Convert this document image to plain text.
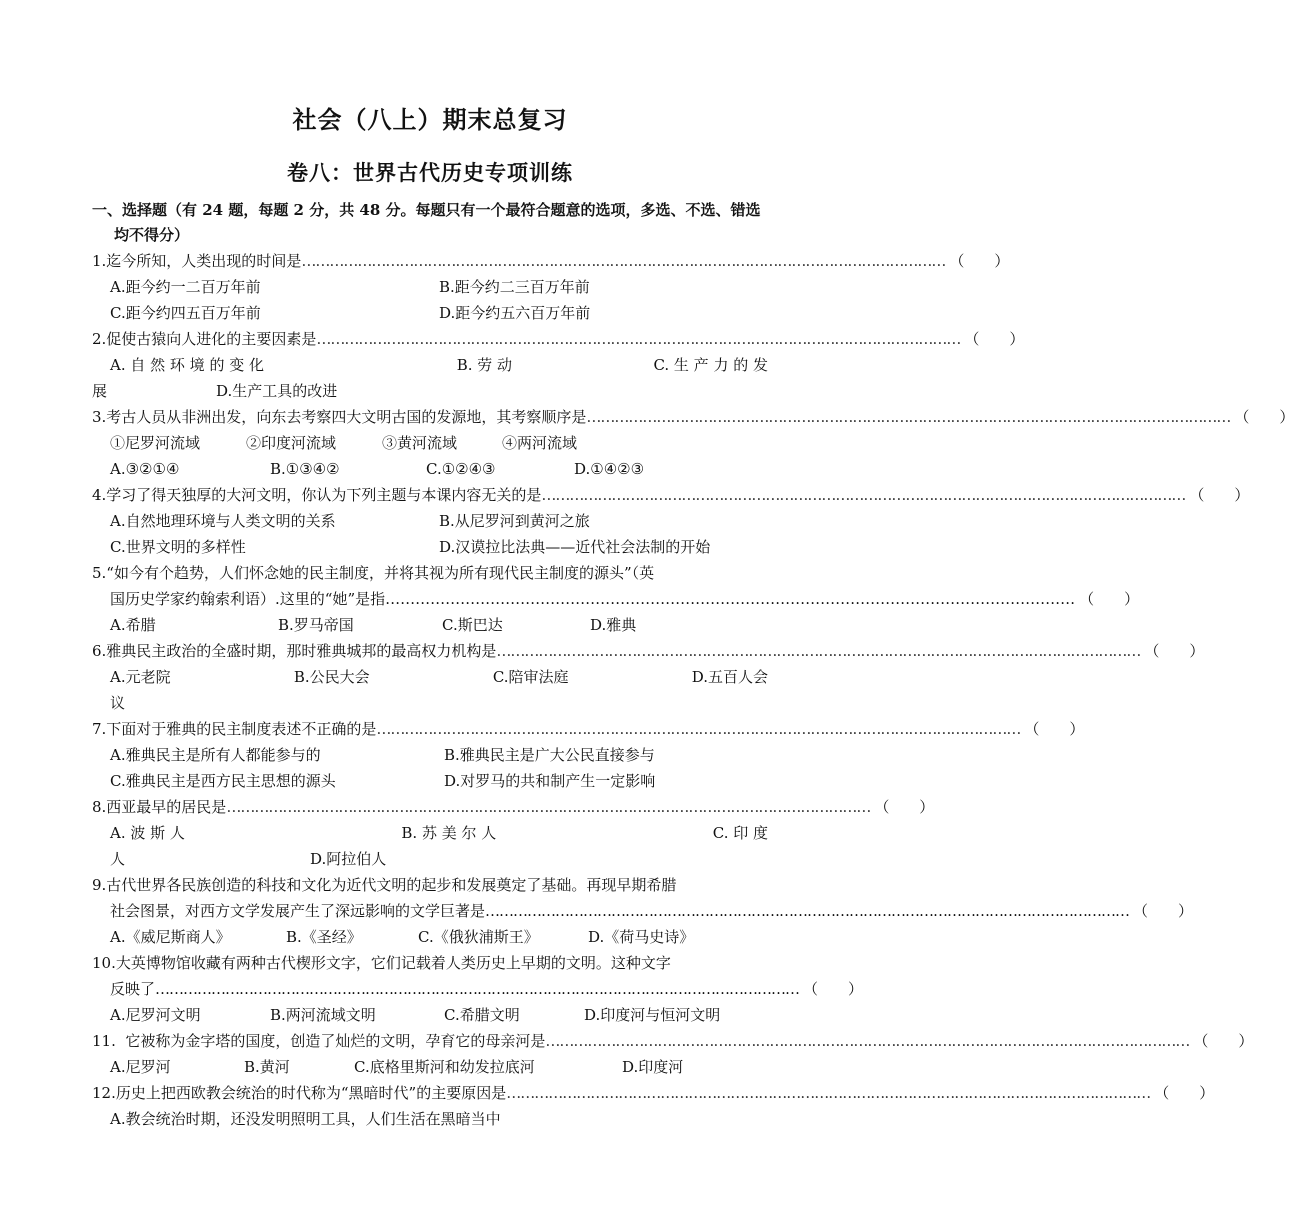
社会（八上）期末总复习
卷八：世界古代历史专项训练
一、选择题（有 24 题，每题 2 分，共 48 分。每题只有一个最符合题意的选项，多选、不选、错选均不得分）
1.迄今所知，人类出现的时间是 ………………………………………………………………………………………………………………………… （ ）
A.距今约一二百万年前	B.距今约二三百万年前
C.距今约四五百万年前	D.距今约五六百万年前
2.促使古猿向人进化的主要因素是 ………………………………………………………………………………………………………………………… （ ）
A. 自 然 环 境 的 变 化	B. 劳 动	C. 生 产 力 的 发
展	D.生产工具的改进
3.考古人员从非洲出发，向东去考察四大文明古国的发源地，其考察顺序是 ………………………………………………………………………………………………………………………… （ ）
①尼罗河流域	②印度河流域	③黄河流域	④两河流域
A.③②①④	B.①③④②	C.①②④③	D.①④②③
4.学习了得天独厚的大河文明，你认为下列主题与本课内容无关的是 ………………………………………………………………………………………………………………………… （ ）
A.自然地理环境与人类文明的关系	B.从尼罗河到黄河之旅
C.世界文明的多样性	D.汉谟拉比法典——近代社会法制的开始
5.“如今有个趋势，人们怀念她的民主制度，并将其视为所有现代民主制度的源头”（英
国历史学家约翰索利语）.这里的“她”是指 ………………………………………………………………………………………………………………………… （ ）
A.希腊	B.罗马帝国	C.斯巴达	D.雅典
6.雅典民主政治的全盛时期，那时雅典城邦的最高权力机构是 ………………………………………………………………………………………………………………………… （ ）
A.元老院	B.公民大会	C.陪审法庭	D.五百人会
议
7.下面对于雅典的民主制度表述不正确的是 ………………………………………………………………………………………………………………………… （ ）
A.雅典民主是所有人都能参与的	B.雅典民主是广大公民直接参与
C.雅典民主是西方民主思想的源头	D.对罗马的共和制产生一定影响
8.西亚最早的居民是 ………………………………………………………………………………………………………………………… （ ）
A. 波 斯 人	B. 苏 美 尔 人	C. 印 度
人	D.阿拉伯人
9.古代世界各民族创造的科技和文化为近代文明的起步和发展奠定了基础。再现早期希腊
社会图景，对西方文学发展产生了深远影响的文学巨著是 ………………………………………………………………………………………………………………………… （ ）
A.《威尼斯商人》	B.《圣经》	C.《俄狄浦斯王》	D.《荷马史诗》
10.大英博物馆收藏有两种古代楔形文字，它们记载着人类历史上早期的文明。这种文字
反映了 ………………………………………………………………………………………………………………………… （ ）
A.尼罗河文明	B.两河流域文明	C.希腊文明	D.印度河与恒河文明
11.  它被称为金字塔的国度，创造了灿烂的文明，孕育它的母亲河是 ………………………………………………………………………………………………………………………… （ ）
A.尼罗河	B.黄河	C.底格里斯河和幼发拉底河	D.印度河
12.历史上把西欧教会统治的时代称为“黑暗时代”的主要原因是 ………………………………………………………………………………………………………………………… （ ）
A.教会统治时期，还没发明照明工具，人们生活在黑暗当中
